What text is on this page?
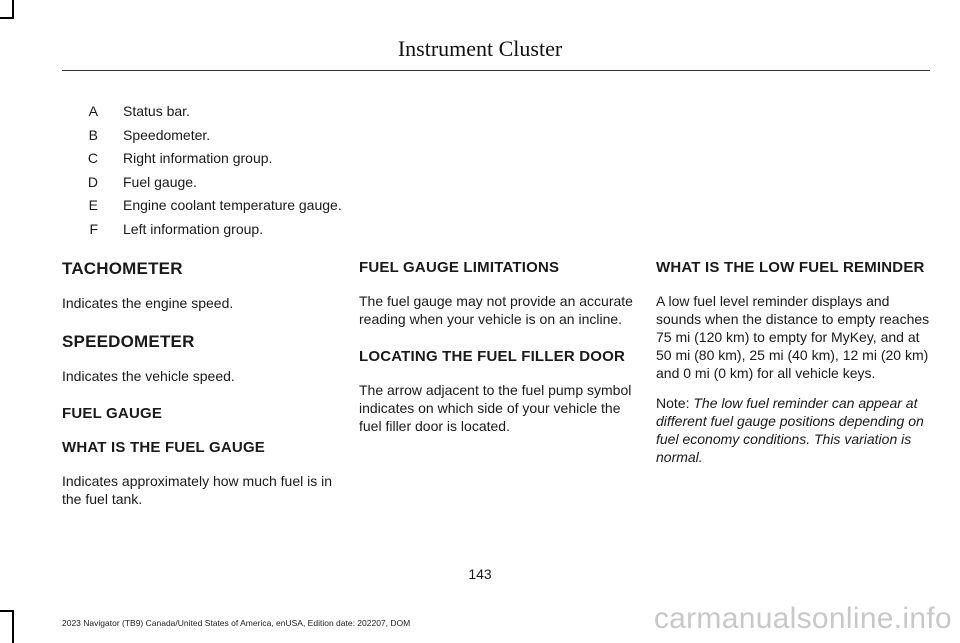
Instrument Cluster
A Status bar.
B Speedometer.
C Right information group.
D Fuel gauge.
E Engine coolant temperature gauge.
F Left information group.
TACHOMETER

Indicates the engine speed.

SPEEDOMETER

Indicates the vehicle speed.

FUEL GAUGE
WHAT IS THE FUEL GAUGE

Indicates approximately how much fuel is in the fuel tank.

FUEL GAUGE LIMITATIONS

The fuel gauge may not provide an accurate reading when your vehicle is on an incline.

LOCATING THE FUEL FILLER DOOR

The arrow adjacent to the fuel pump symbol indicates on which side of your vehicle the fuel filler door is located.

WHAT IS THE LOW FUEL REMINDER

A low fuel level reminder displays and sounds when the distance to empty reaches 75 mi (120 km) to empty for MyKey, and at 50 mi (80 km), 25 mi (40 km), 12 mi (20 km) and 0 mi (0 km) for all vehicle keys.

Note: The low fuel reminder can appear at different fuel gauge positions depending on fuel economy conditions. This variation is normal.

143
2023 Navigator (TB9) Canada/United States of America, enUSA, Edition date: 202207, DOM	carmanualsonline.info
